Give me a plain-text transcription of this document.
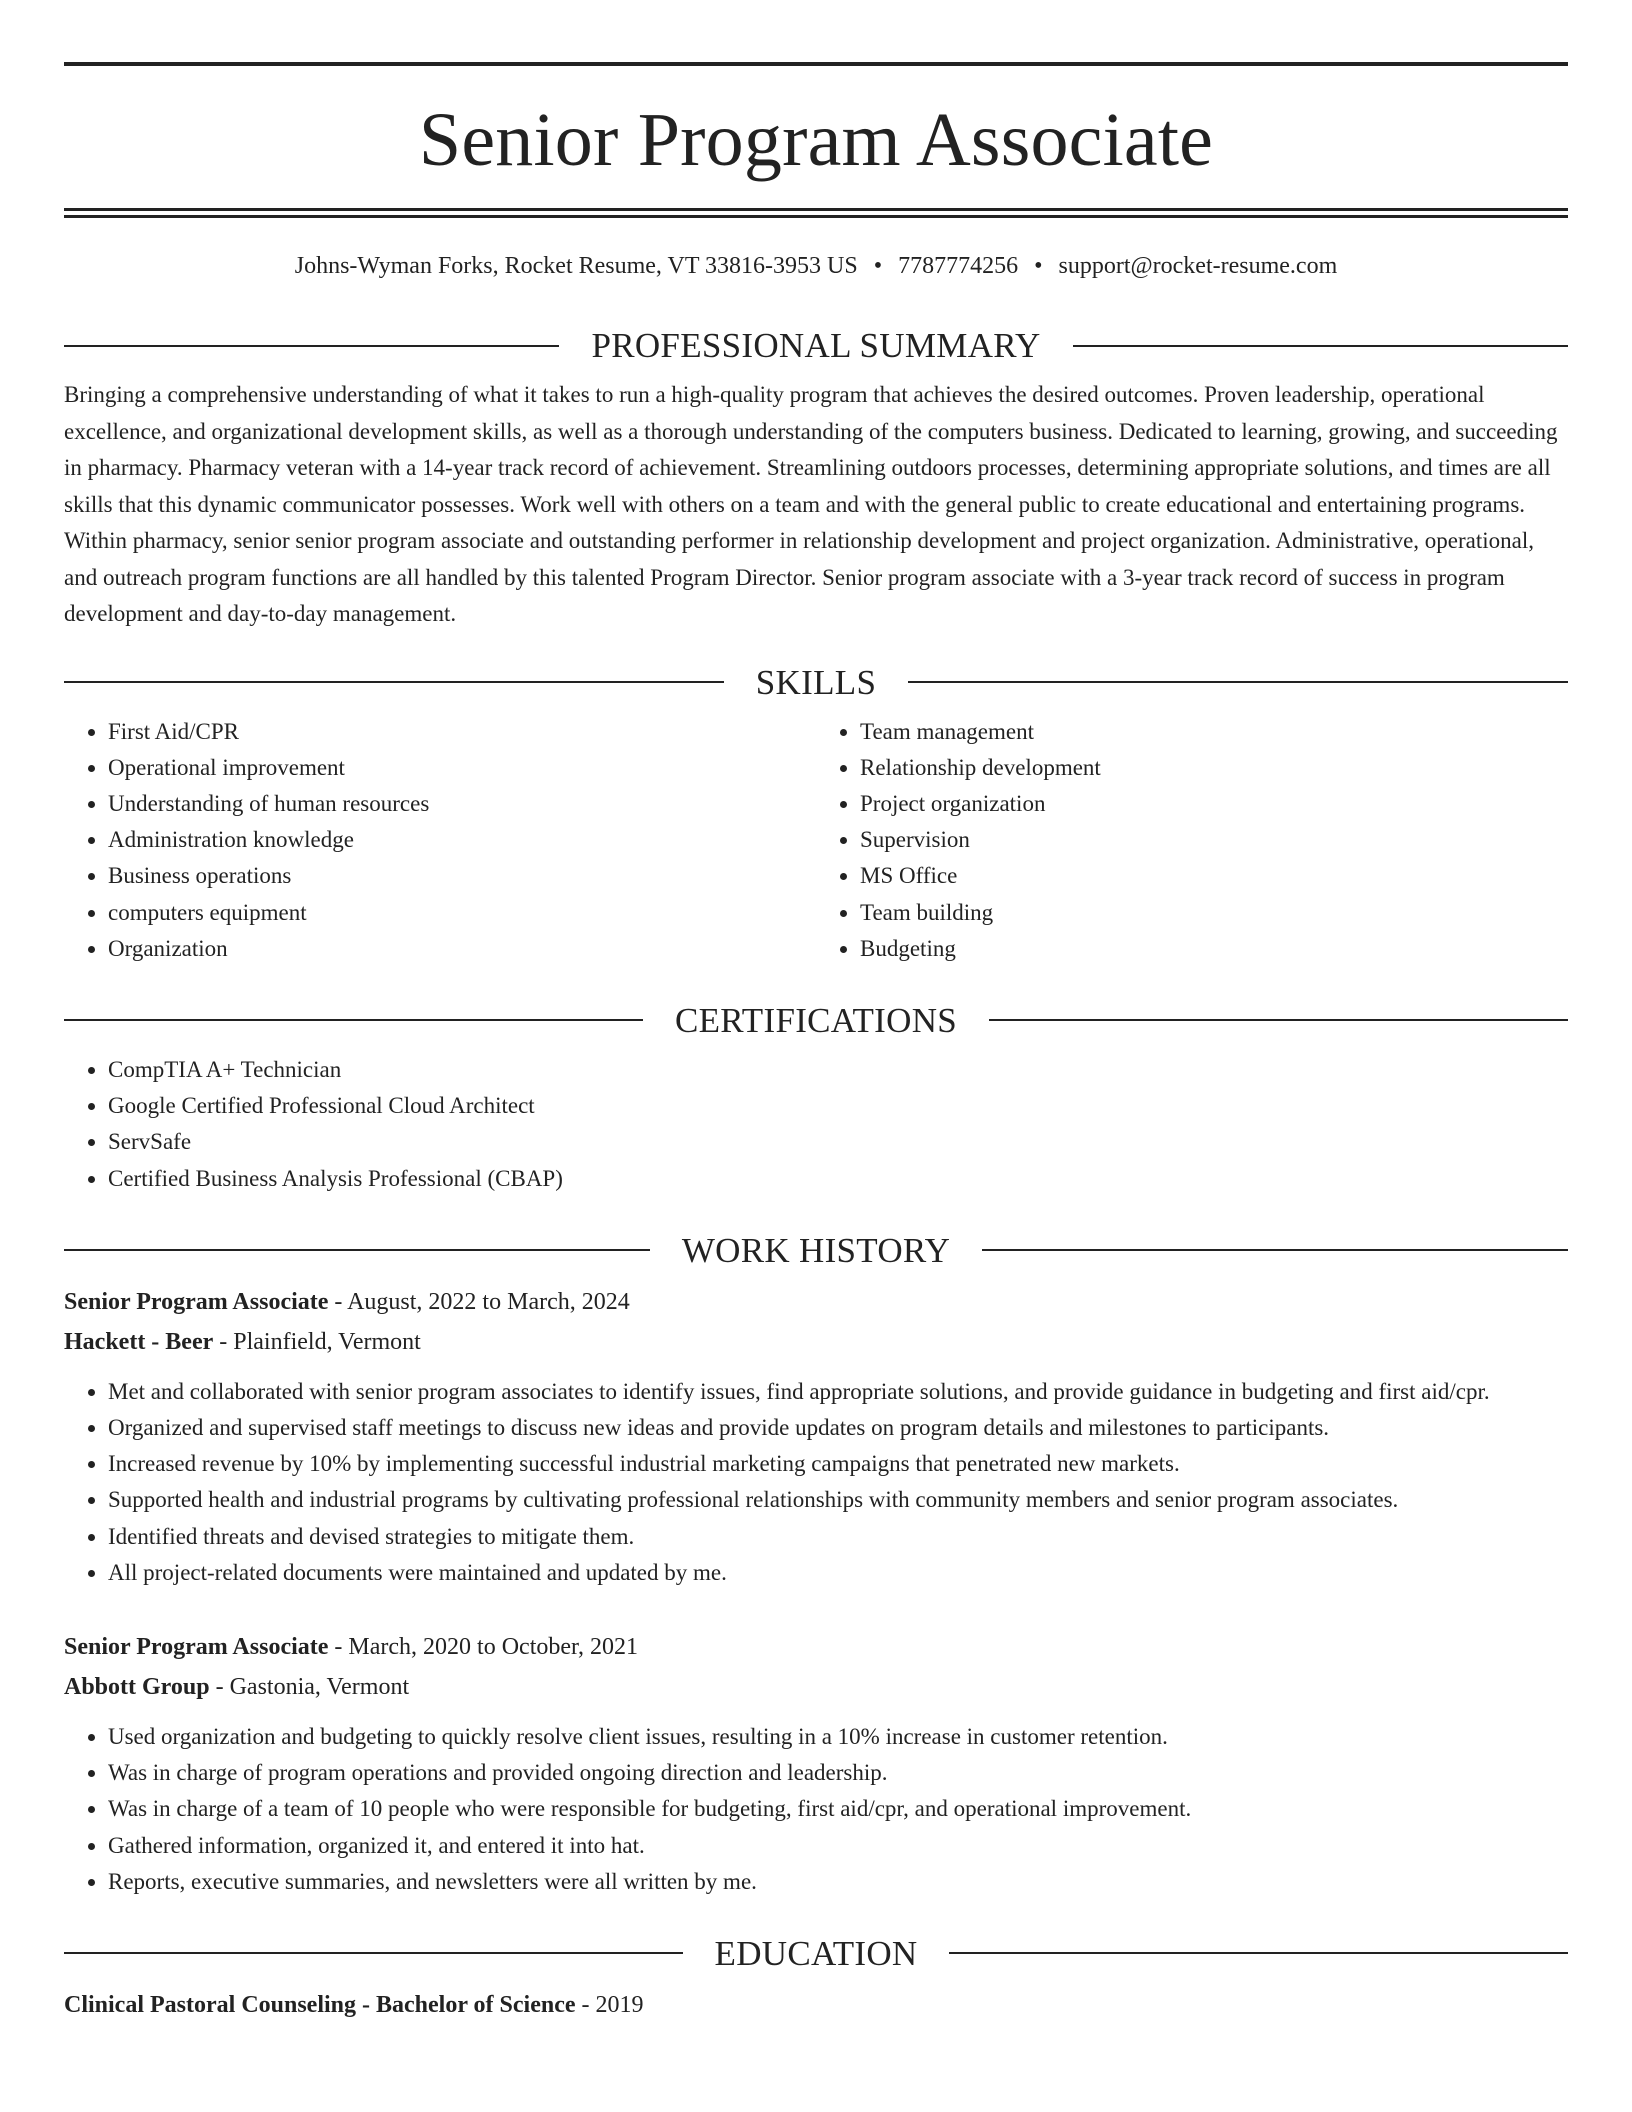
Senior Program Associate
Johns-Wyman Forks, Rocket Resume, VT 33816-3953 US • 7787774256 • support@rocket-resume.com
PROFESSIONAL SUMMARY

Bringing a comprehensive understanding of what it takes to run a high-quality program that achieves the desired outcomes. Proven leadership, operational excellence, and organizational development skills, as well as a thorough understanding of the computers business. Dedicated to learning, growing, and succeeding in pharmacy. Pharmacy veteran with a 14-year track record of achievement. Streamlining outdoors processes, determining appropriate solutions, and times are all skills that this dynamic communicator possesses. Work well with others on a team and with the general public to create educational and entertaining programs. Within pharmacy, senior senior program associate and outstanding performer in relationship development and project organization. Administrative, operational, and outreach program functions are all handled by this talented Program Director. Senior program associate with a 3-year track record of success in program development and day-to-day management.

SKILLS
• First Aid/CPR
• Operational improvement
• Understanding of human resources
• Administration knowledge
• Business operations
• computers equipment
• Organization
• Team management
• Relationship development
• Project organization
• Supervision
• MS Office
• Team building
• Budgeting
CERTIFICATIONS
• CompTIA A+ Technician
• Google Certified Professional Cloud Architect
• ServSafe
• Certified Business Analysis Professional (CBAP)
WORK HISTORY
Senior Program Associate - August, 2022 to March, 2024
Hackett - Beer - Plainfield, Vermont
• Met and collaborated with senior program associates to identify issues, find appropriate solutions, and provide guidance in budgeting and first aid/cpr.
• Organized and supervised staff meetings to discuss new ideas and provide updates on program details and milestones to participants.
• Increased revenue by 10% by implementing successful industrial marketing campaigns that penetrated new markets.
• Supported health and industrial programs by cultivating professional relationships with community members and senior program associates.
• Identified threats and devised strategies to mitigate them.
• All project-related documents were maintained and updated by me.
Senior Program Associate - March, 2020 to October, 2021
Abbott Group - Gastonia, Vermont
• Used organization and budgeting to quickly resolve client issues, resulting in a 10% increase in customer retention.
• Was in charge of program operations and provided ongoing direction and leadership.
• Was in charge of a team of 10 people who were responsible for budgeting, first aid/cpr, and operational improvement.
• Gathered information, organized it, and entered it into hat.
• Reports, executive summaries, and newsletters were all written by me.
EDUCATION
Clinical Pastoral Counseling - Bachelor of Science - 2019
